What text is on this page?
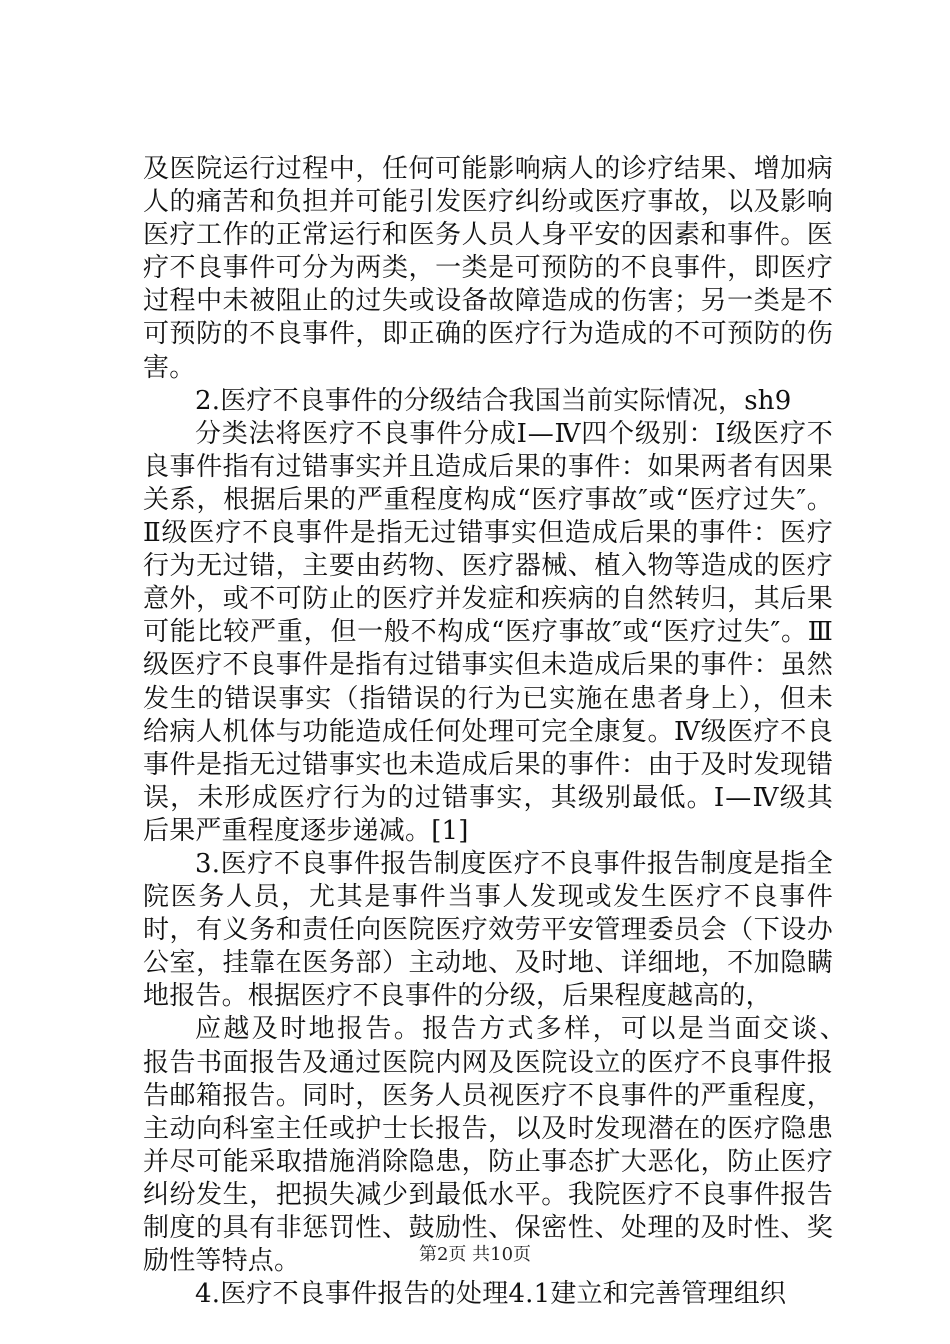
及医院运行过程中，任何可能影响病人的诊疗结果、增加病人的痛苦和负担并可能引发医疗纠纷或医疗事故，以及影响医疗工作的正常运行和医务人员人身平安的因素和事件。医疗不良事件可分为两类，一类是可预防的不良事件，即医疗过程中未被阻止的过失或设备故障造成的伤害；另一类是不可预防的不良事件，即正确的医疗行为造成的不可预防的伤害。

2.医疗不良事件的分级结合我国当前实际情况，sh9

分类法将医疗不良事件分成Ⅰ—Ⅳ四个级别：Ⅰ级医疗不良事件指有过错事实并且造成后果的事件：如果两者有因果关系，根据后果的严重程度构成“医疗事故″或“医疗过失″。Ⅱ级医疗不良事件是指无过错事实但造成后果的事件：医疗行为无过错，主要由药物、医疗器械、植入物等造成的医疗意外，或不可防止的医疗并发症和疾病的自然转归，其后果可能比较严重，但一般不构成“医疗事故″或“医疗过失″。Ⅲ级医疗不良事件是指有过错事实但未造成后果的事件：虽然发生的错误事实（指错误的行为已实施在患者身上），但未给病人机体与功能造成任何处理可完全康复。Ⅳ级医疗不良事件是指无过错事实也未造成后果的事件：由于及时发现错误，未形成医疗行为的过错事实，其级别最低。Ⅰ—Ⅳ级其后果严重程度逐步递减。[1]

3.医疗不良事件报告制度医疗不良事件报告制度是指全院医务人员，尤其是事件当事人发现或发生医疗不良事件时，有义务和责任向医院医疗效劳平安管理委员会（下设办公室，挂靠在医务部）主动地、及时地、详细地，不加隐瞒地报告。根据医疗不良事件的分级，后果程度越高的，

应越及时地报告。报告方式多样，可以是当面交谈、　报告书面报告及通过医院内网及医院设立的医疗不良事件报告邮箱报告。同时，医务人员视医疗不良事件的严重程度，主动向科室主任或护士长报告，以及时发现潜在的医疗隐患并尽可能采取措施消除隐患，防止事态扩大恶化，防止医疗纠纷发生，把损失减少到最低水平。我院医疗不良事件报告制度的具有非惩罚性、鼓励性、保密性、处理的及时性、奖励性等特点。

4.医疗不良事件报告的处理4.1建立和完善管理组织

第2页 共10页
